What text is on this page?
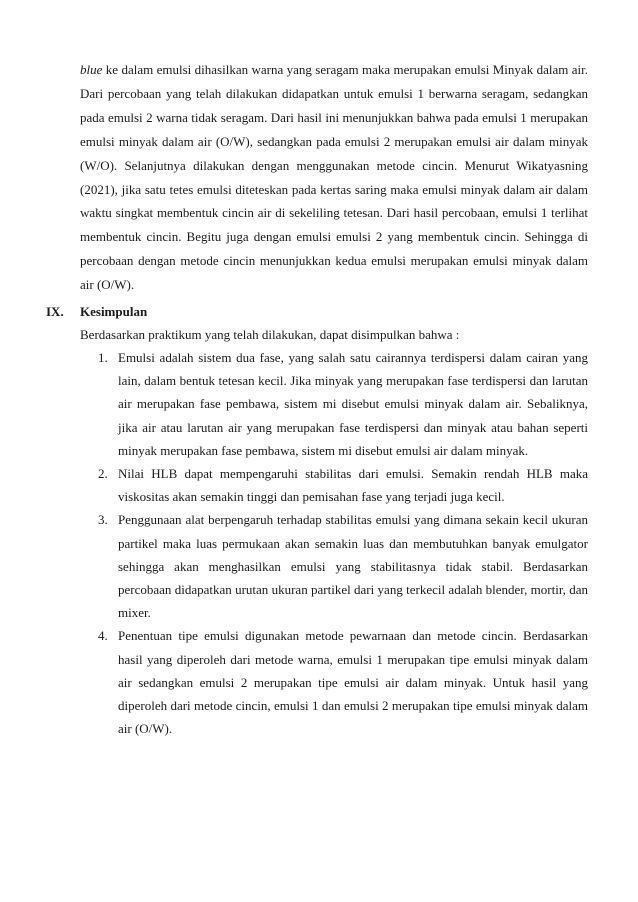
blue ke dalam emulsi dihasilkan warna yang seragam maka merupakan emulsi Minyak dalam air. Dari percobaan yang telah dilakukan didapatkan untuk emulsi 1 berwarna seragam, sedangkan pada emulsi 2 warna tidak seragam. Dari hasil ini menunjukkan bahwa pada emulsi 1 merupakan emulsi minyak dalam air (O/W), sedangkan pada emulsi 2 merupakan emulsi air dalam minyak (W/O). Selanjutnya dilakukan dengan menggunakan metode cincin. Menurut Wikatyasning (2021), jika satu tetes emulsi diteteskan pada kertas saring maka emulsi minyak dalam air dalam waktu singkat membentuk cincin air di sekeliling tetesan. Dari hasil percobaan, emulsi 1 terlihat membentuk cincin. Begitu juga dengan emulsi emulsi 2 yang membentuk cincin. Sehingga di percobaan dengan metode cincin menunjukkan kedua emulsi merupakan emulsi minyak dalam air (O/W).

IX. Kesimpulan

Berdasarkan praktikum yang telah dilakukan, dapat disimpulkan bahwa :

1. Emulsi adalah sistem dua fase, yang salah satu cairannya terdispersi dalam cairan yang lain, dalam bentuk tetesan kecil. Jika minyak yang merupakan fase terdispersi dan larutan air merupakan fase pembawa, sistem mi disebut emulsi minyak dalam air. Sebaliknya, jika air atau larutan air yang merupakan fase terdispersi dan minyak atau bahan seperti minyak merupakan fase pembawa, sistem mi disebut emulsi air dalam minyak.
2. Nilai HLB dapat mempengaruhi stabilitas dari emulsi. Semakin rendah HLB maka viskositas akan semakin tinggi dan pemisahan fase yang terjadi juga kecil.
3. Penggunaan alat berpengaruh terhadap stabilitas emulsi yang dimana sekain kecil ukuran partikel maka luas permukaan akan semakin luas dan membutuhkan banyak emulgator sehingga akan menghasilkan emulsi yang stabilitasnya tidak stabil. Berdasarkan percobaan didapatkan urutan ukuran partikel dari yang terkecil adalah blender, mortir, dan mixer.
4. Penentuan tipe emulsi digunakan metode pewarnaan dan metode cincin. Berdasarkan hasil yang diperoleh dari metode warna, emulsi 1 merupakan tipe emulsi minyak dalam air sedangkan emulsi 2 merupakan tipe emulsi air dalam minyak. Untuk hasil yang diperoleh dari metode cincin, emulsi 1 dan emulsi 2 merupakan tipe emulsi minyak dalam air (O/W).
